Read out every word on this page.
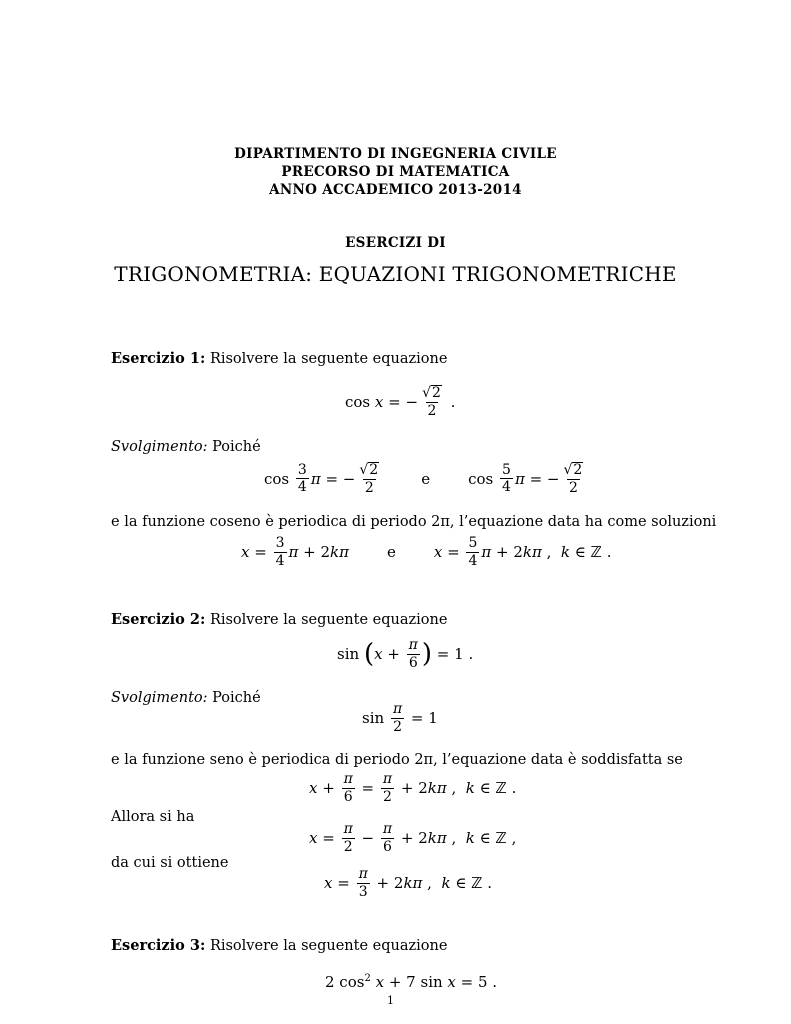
DIPARTIMENTO DI INGEGNERIA CIVILE
PRECORSO DI MATEMATICA
ANNO ACCADEMICO 2013-2014
ESERCIZI DI
TRIGONOMETRIA: EQUAZIONI TRIGONOMETRICHE
Esercizio 1: Risolvere la seguente equazione
cos x = − $\frac{√ 2}{2}$ .
Svolgimento: Poiché
$\cos \frac{3}{4}$ π = − $\frac{√ 2}{2}$	e	$\cos \frac{5}{4}$ π = − $\frac{√ 2}{2}$
e la funzione coseno è periodica di periodo 2π, l’equazione data ha come soluzioni
$x = \frac{3}{4}$ π + 2 kπ	e	$x = \frac{5}{4}$ π + 2 kπ , k ∈ ℤ .
Esercizio 2: Risolvere la seguente equazione
sin ( $x + \frac{\pi}{6}$ ) = 1 .
Svolgimento: Poiché
$\sin \frac{\pi}{2} = 1$
e la funzione seno è periodica di periodo 2π, l’equazione data è soddisfatta se
$x + \frac{\pi}{6} = \frac{\pi}{2} + 2$ kπ , k ∈ ℤ .
Allora si ha
$x = \frac{\pi}{2} - \frac{\pi}{6} + 2$ kπ , k ∈ ℤ ,
da cui si ottiene
$x = \frac{\pi}{3} + 2$ kπ , k ∈ ℤ .
Esercizio 3: Risolvere la seguente equazione
2 $\cos^2 x + 7$ sin x = 5 .
1
